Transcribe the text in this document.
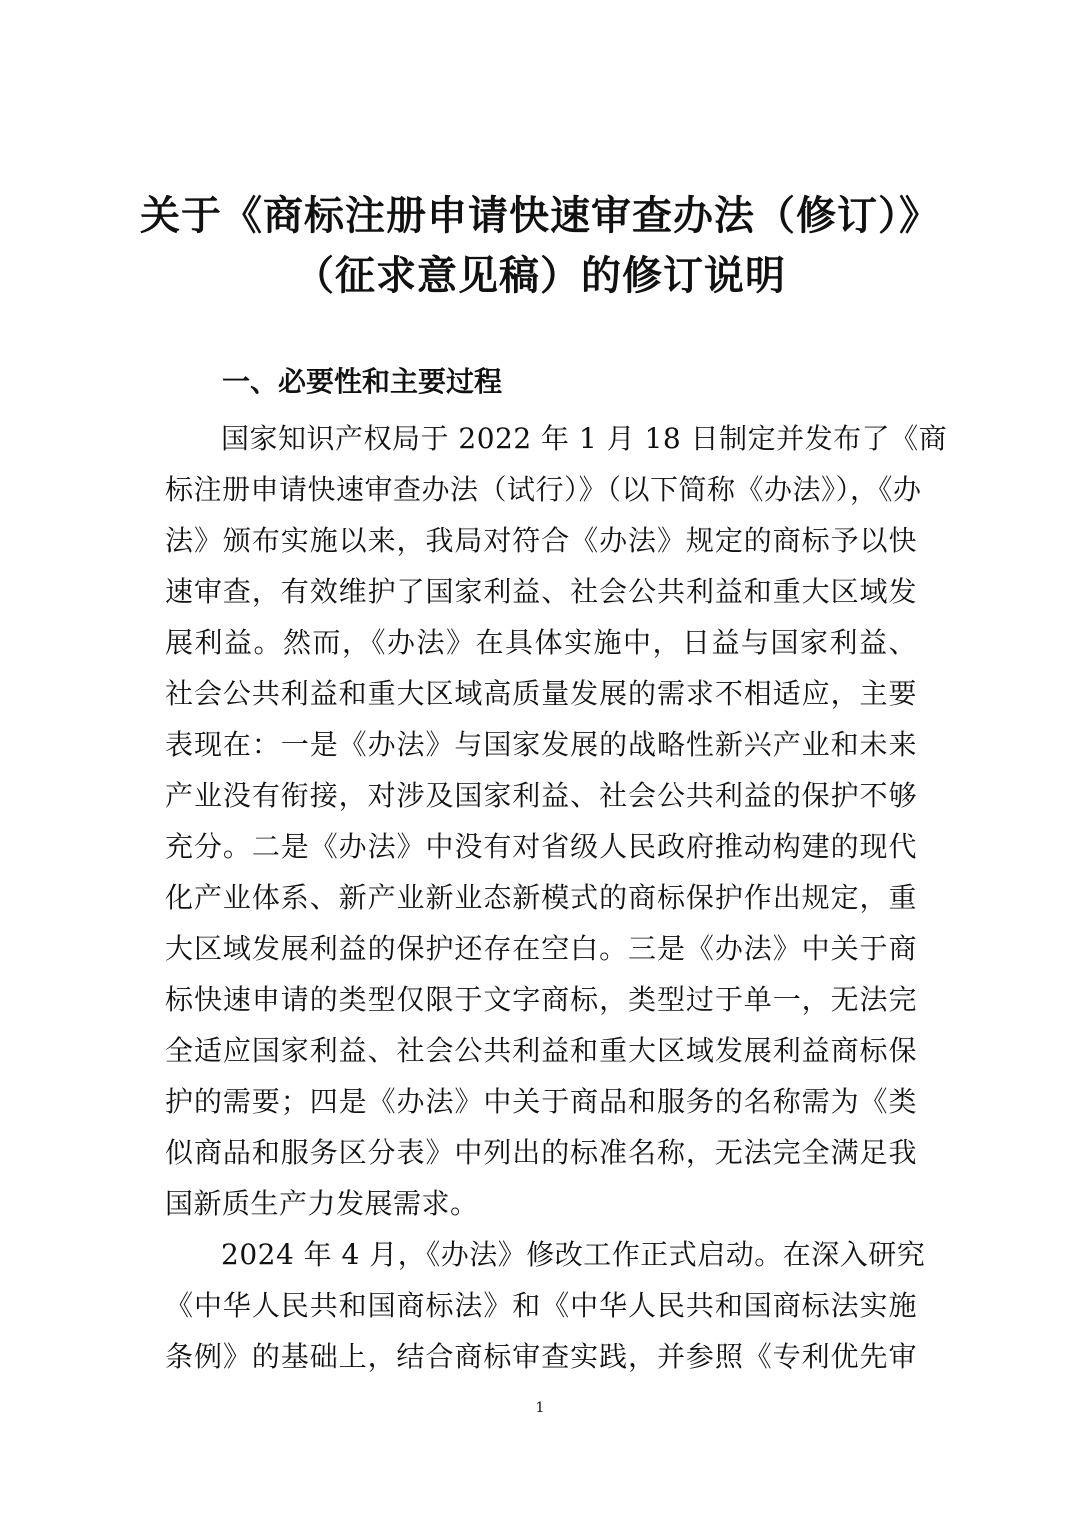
关于《商标注册申请快速审查办法（修订）》
（征求意见稿）的修订说明
一、必要性和主要过程
国家知识产权局于 2022 年 1 月 18 日制定并发布了《商
标注册申请快速审查办法（试行）》（以下简称《办法》），《办
法》颁布实施以来，我局对符合《办法》规定的商标予以快
速审查，有效维护了国家利益、社会公共利益和重大区域发
展利益。然而，《办法》在具体实施中，日益与国家利益、
社会公共利益和重大区域高质量发展的需求不相适应，主要
表现在：一是《办法》与国家发展的战略性新兴产业和未来
产业没有衔接，对涉及国家利益、社会公共利益的保护不够
充分。二是《办法》中没有对省级人民政府推动构建的现代
化产业体系、新产业新业态新模式的商标保护作出规定，重
大区域发展利益的保护还存在空白。三是《办法》中关于商
标快速申请的类型仅限于文字商标，类型过于单一，无法完
全适应国家利益、社会公共利益和重大区域发展利益商标保
护的需要；四是《办法》中关于商品和服务的名称需为《类
似商品和服务区分表》中列出的标准名称，无法完全满足我
国新质生产力发展需求。
2024 年 4 月，《办法》修改工作正式启动。在深入研究
《中华人民共和国商标法》和《中华人民共和国商标法实施
条例》的基础上，结合商标审查实践，并参照《专利优先审
1
